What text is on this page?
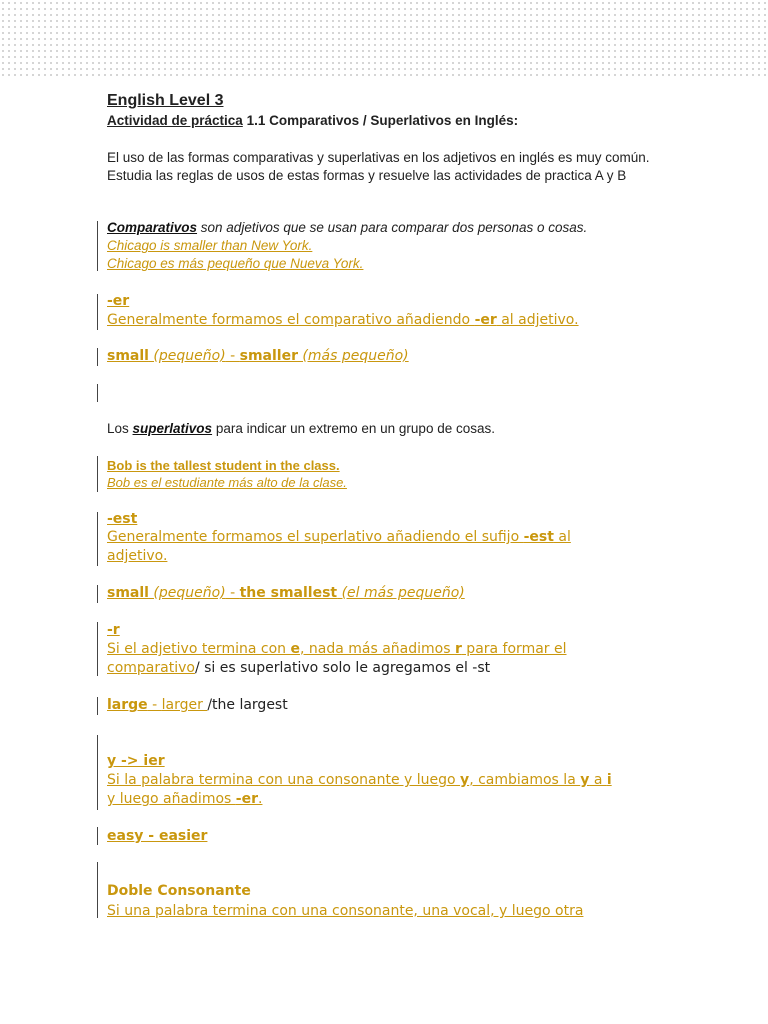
English Level 3
Actividad de práctica 1.1 Comparativos / Superlativos en Inglés:
El uso de las formas comparativas y superlativas en los adjetivos en inglés es muy común. Estudia las reglas de usos de estas formas y resuelve las actividades de practica A y B
Comparativos son adjetivos que se usan para comparar dos personas o cosas.
Chicago is smaller than New York.
Chicago es más pequeño que Nueva York.
-er
Generalmente formamos el comparativo añadiendo -er al adjetivo.
small (pequeño) - smaller (más pequeño)
Los superlativos para indicar un extremo en un grupo de cosas.
Bob is the tallest student in the class.
Bob es el estudiante más alto de la clase.
-est
Generalmente formamos el superlativo añadiendo el sufijo -est al
adjetivo.
small (pequeño) - the smallest (el más pequeño)
-r
Si el adjetivo termina con e, nada más añadimos r para formar el
comparativo/ si es superlativo solo le agregamos el -st
large - larger /the largest
y -> ier
Si la palabra termina con una consonante y luego y, cambiamos la y a i
y luego añadimos -er.
easy - easier
Doble Consonante
Si una palabra termina con una consonante, una vocal, y luego otra
